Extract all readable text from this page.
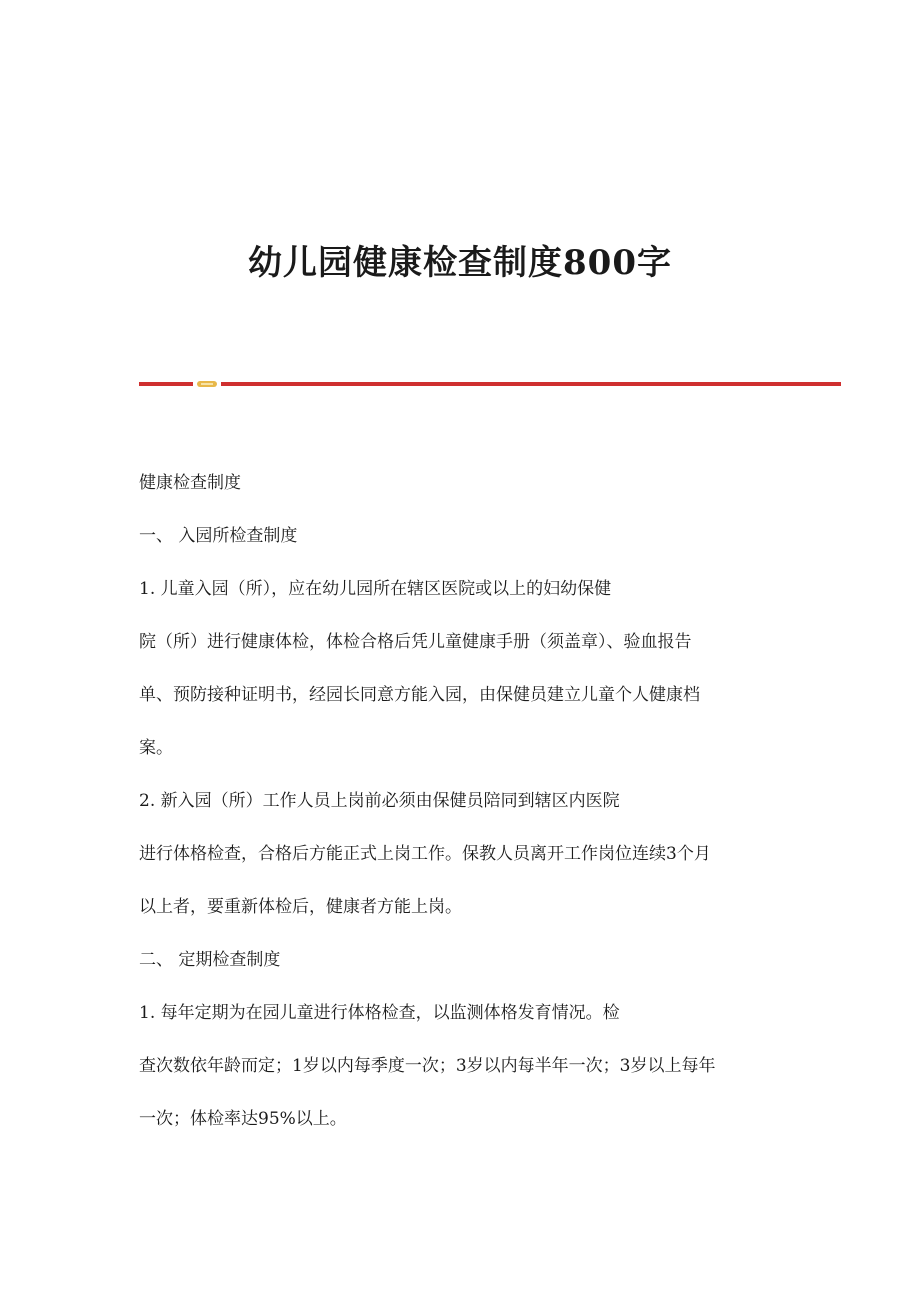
幼儿园健康检查制度800字

健康检查制度

一、 入园所检查制度

1. 儿童入园（所），应在幼儿园所在辖区医院或以上的妇幼保健

院（所）进行健康体检，体检合格后凭儿童健康手册（须盖章）、验血报告

单、预防接种证明书，经园长同意方能入园，由保健员建立儿童个人健康档

案。

2. 新入园（所）工作人员上岗前必须由保健员陪同到辖区内医院

进行体格检查，合格后方能正式上岗工作。保教人员离开工作岗位连续3个月

以上者，要重新体检后，健康者方能上岗。

二、 定期检查制度

1. 每年定期为在园儿童进行体格检查，以监测体格发育情况。检

查次数依年龄而定；1岁以内每季度一次；3岁以内每半年一次；3岁以上每年

一次；体检率达95%以上。
